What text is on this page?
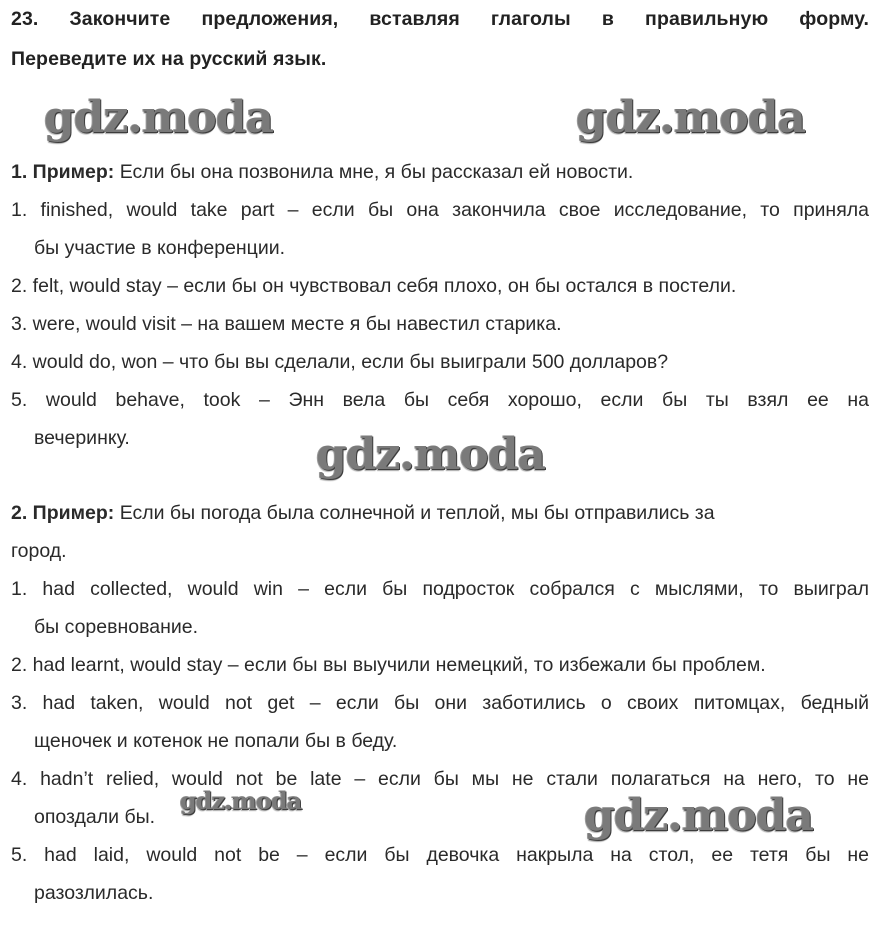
23. Закончите предложения, вставляя глаголы в правильную форму.
Переведите их на русский язык.
gdz.moda	gdz.moda
1. Пример: Если бы она позвонила мне, я бы рассказал ей новости.
1. finished, would take part – если бы она закончила свое исследование, то приняла
бы участие в конференции.
2. felt, would stay – если бы он чувствовал себя плохо, он бы остался в постели.
3. were, would visit – на вашем месте я бы навестил старика.
4. would do, won – что бы вы сделали, если бы выиграли 500 долларов?
5. would behave, took – Энн вела бы себя хорошо, если бы ты взял ее на
вечеринку.	gdz.moda
2. Пример: Если бы погода была солнечной и теплой, мы бы отправились за
город.
1. had collected, would win – если бы подросток собрался с мыслями, то выиграл
бы соревнование.
2. had learnt, would stay – если бы вы выучили немецкий, то избежали бы проблем.
3. had taken, would not get – если бы они заботились о своих питомцах, бедный
щеночек и котенок не попали бы в беду.
4. hadn’t relied, would not be late – если бы мы не стали полагаться на него, то не
опоздали бы.
5. had laid, would not be – если бы девочка накрыла на стол, ее тетя бы не
разозлилась.
gdz.moda	gdz.moda
